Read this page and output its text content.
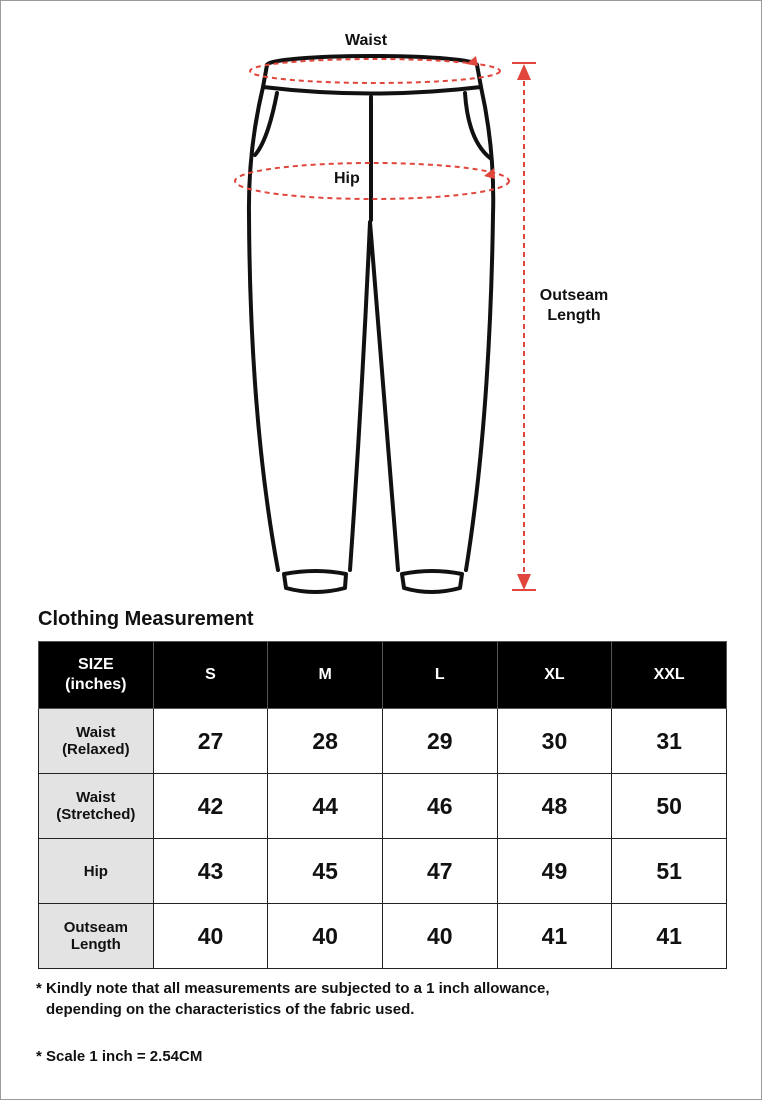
Waist
Hip
Outseam
Length
Clothing Measurement
SIZE
(inches)	S	M	L	XL	XXL
Waist
(Relaxed)	27	28	29	30	31
Waist
(Stretched)	42	44	46	48	50
Hip	43	45	47	49	51
Outseam
Length	40	40	40	41	41
* Kindly note that all measurements are subjected to a 1 inch allowance,
depending on the characteristics of the fabric used.
* Scale 1 inch = 2.54CM
